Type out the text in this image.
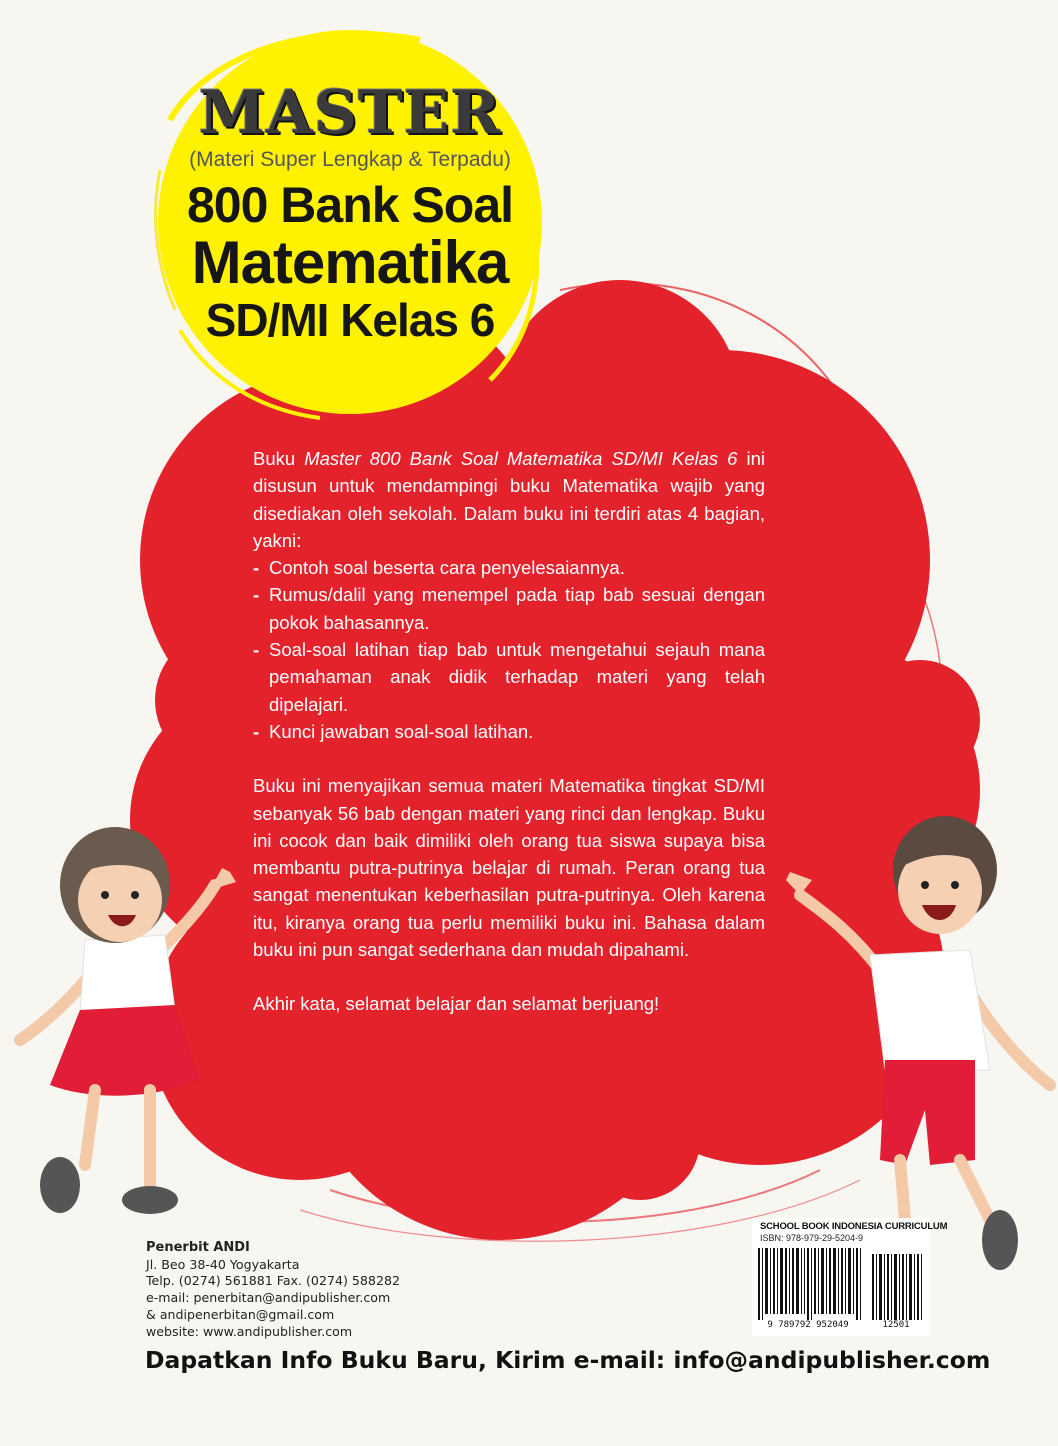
MASTER
(Materi Super Lengkap & Terpadu)
800 Bank Soal
Matematika
SD/MI Kelas 6

Buku Master 800 Bank Soal Matematika SD/MI Kelas 6 ini disusun untuk mendampingi buku Matematika wajib yang disediakan oleh sekolah. Dalam buku ini terdiri atas 4 bagian, yakni:

- Contoh soal beserta cara penyelesaiannya.
- Rumus/dalil yang menempel pada tiap bab sesuai dengan pokok bahasannya.
- Soal-soal latihan tiap bab untuk mengetahui sejauh mana pemahaman anak didik terhadap materi yang telah dipelajari.
- Kunci jawaban soal-soal latihan.

Buku ini menyajikan semua materi Matematika tingkat SD/MI sebanyak 56 bab dengan materi yang rinci dan lengkap. Buku ini cocok dan baik dimiliki oleh orang tua siswa supaya bisa membantu putra-putrinya belajar di rumah. Peran orang tua sangat menentukan keberhasilan putra-putrinya. Oleh karena itu, kiranya orang tua perlu memiliki buku ini. Bahasa dalam buku ini pun sangat sederhana dan mudah dipahami.

Akhir kata, selamat belajar dan selamat berjuang!

Penerbit ANDI
Jl. Beo 38-40 Yogyakarta
Telp. (0274) 561881 Fax. (0274) 588282
e-mail: penerbitan@andipublisher.com
& andipenerbitan@gmail.com
website: www.andipublisher.com
SCHOOL BOOK INDONESIA CURRICULUM
ISBN: 978-979-29-5204-9
9 789792 952049	12501
Dapatkan Info Buku Baru, Kirim e-mail: info@andipublisher.com
